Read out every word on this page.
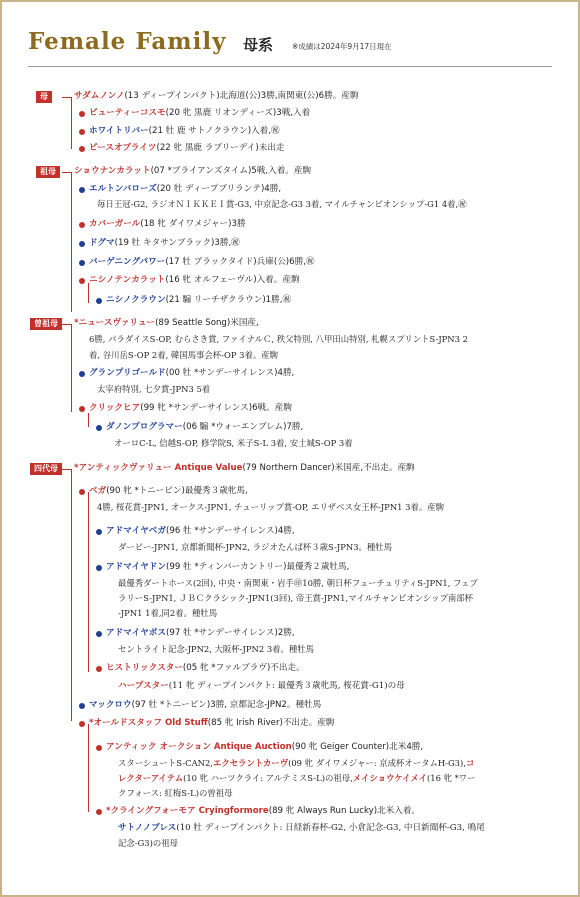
Female Family 母系	※成績は2024年9月17日現在
母	サダムノンノ(13 ディープインパクト)北海道(公)3勝,南関東(公)6勝。産駒
ビューティーコスモ(20 牝 黒鹿 リオンディーズ)3戦,入着
ホワイトリバー(21 牡 鹿 サトノクラウン)入着,㊗
ピースオブライツ(22 牝 黒鹿 ラブリーデイ)未出走
祖母	ショウナンカラット(07 *ブライアンズタイム)5戦,入着。産駒
エルトンバローズ(20 牡 ディープブリランテ)4勝,
毎日王冠-G2, ラジオＮＩＫＫＥＩ賞-G3, 中京記念-G3 3着, マイルチャンピオンシップ-G1 4着,㊗
カバーガール(18 牝 ダイワメジャー)3勝
ドグマ(19 牡 キタサンブラック)3勝,㊗
バーゲニングパワー(17 牡 ブラックタイド)兵庫(公)6勝,㊗
ニシノテンカラット(16 牝 オルフェーヴル)入着。産駒
ニシノクラウン(21 騸 リーチザクラウン)1勝,㊗
曽祖母	*ニュースヴァリュー(89 Seattle Song)米国産,
6勝, パラダイスS-OP, むらさき賞, ファイナルＣ, 秩父特別, 八甲田山特別, 札幌スプリントS-JPN3 2
着, 谷川岳S-OP 2着, 韓国馬事会杯-OP 3着。産駒
グランプリゴールド(00 牡 *サンデーサイレンス)4勝,
太宰府特別, 七夕賞-JPN3 5着
クリックヒア(99 牝 *サンデーサイレンス)6戦。産駒
ダノンプログラマー(06 騸 *ウォーエンブレム)7勝,
オーロC-L, 信越S-OP, 修学院S, 米子S-L 3着, 安土城S-OP 3着
四代母	*アンティックヴァリュー Antique Value(79 Northern Dancer)米国産,不出走。産駒
ベガ(90 牝 *トニービン)最優秀３歳牝馬,
4勝, 桜花賞-JPN1, オークス-JPN1, チューリップ賞-OP, エリザベス女王杯-JPN1 3着。産駒
アドマイヤベガ(96 牡 *サンデーサイレンス)4勝,
ダービー-JPN1, 京都新聞杯-JPN2, ラジオたんぱ杯３歳S-JPN3。種牡馬
アドマイヤドン(99 牡 *ティンバーカントリー)最優秀２歳牡馬,
最優秀ダートホース(2回), 中央・南関東・岩手㊞10勝, 朝日杯フューチュリティS-JPN1, フェブ
ラリーS-JPN1, ＪＢＣクラシック-JPN1(3回), 帝王賞-JPN1,マイルチャンピオンシップ南部杯
-JPN1 1着,同2着。種牡馬
アドマイヤボス(97 牡 *サンデーサイレンス)2勝,
セントライト記念-JPN2, 大阪杯-JPN2 3着。種牡馬
ヒストリックスター(05 牝 *ファルブラヴ)不出走。
ハープスター(11 牝 ディープインパクト: 最優秀３歳牝馬, 桜花賞-G1)の母
マックロウ(97 牡 *トニービン)3勝, 京都記念-JPN2。種牡馬
*オールドスタッフ Old Stuff(85 牝 Irish River)不出走。産駒
アンティック オークション Antique Auction(90 牝 Geiger Counter)北米4勝,
スターシュートS-CAN2,エクセラントカーヴ(09 牝 ダイワメジャー: 京成杯オータムH-G3),コ
レクターアイテム(10 牝 ハーツクライ: アルテミスS-L)の祖母,メイショウケイメイ(16 牝 *ワー
クフォース: 紅梅S-L)の曽祖母
*クライングフォーモア Cryingformore(89 牝 Always Run Lucky)北米入着。
サトノノブレス(10 牡 ディープインパクト: 日経新春杯-G2, 小倉記念-G3, 中日新聞杯-G3, 鳴尾
記念-G3)の祖母
